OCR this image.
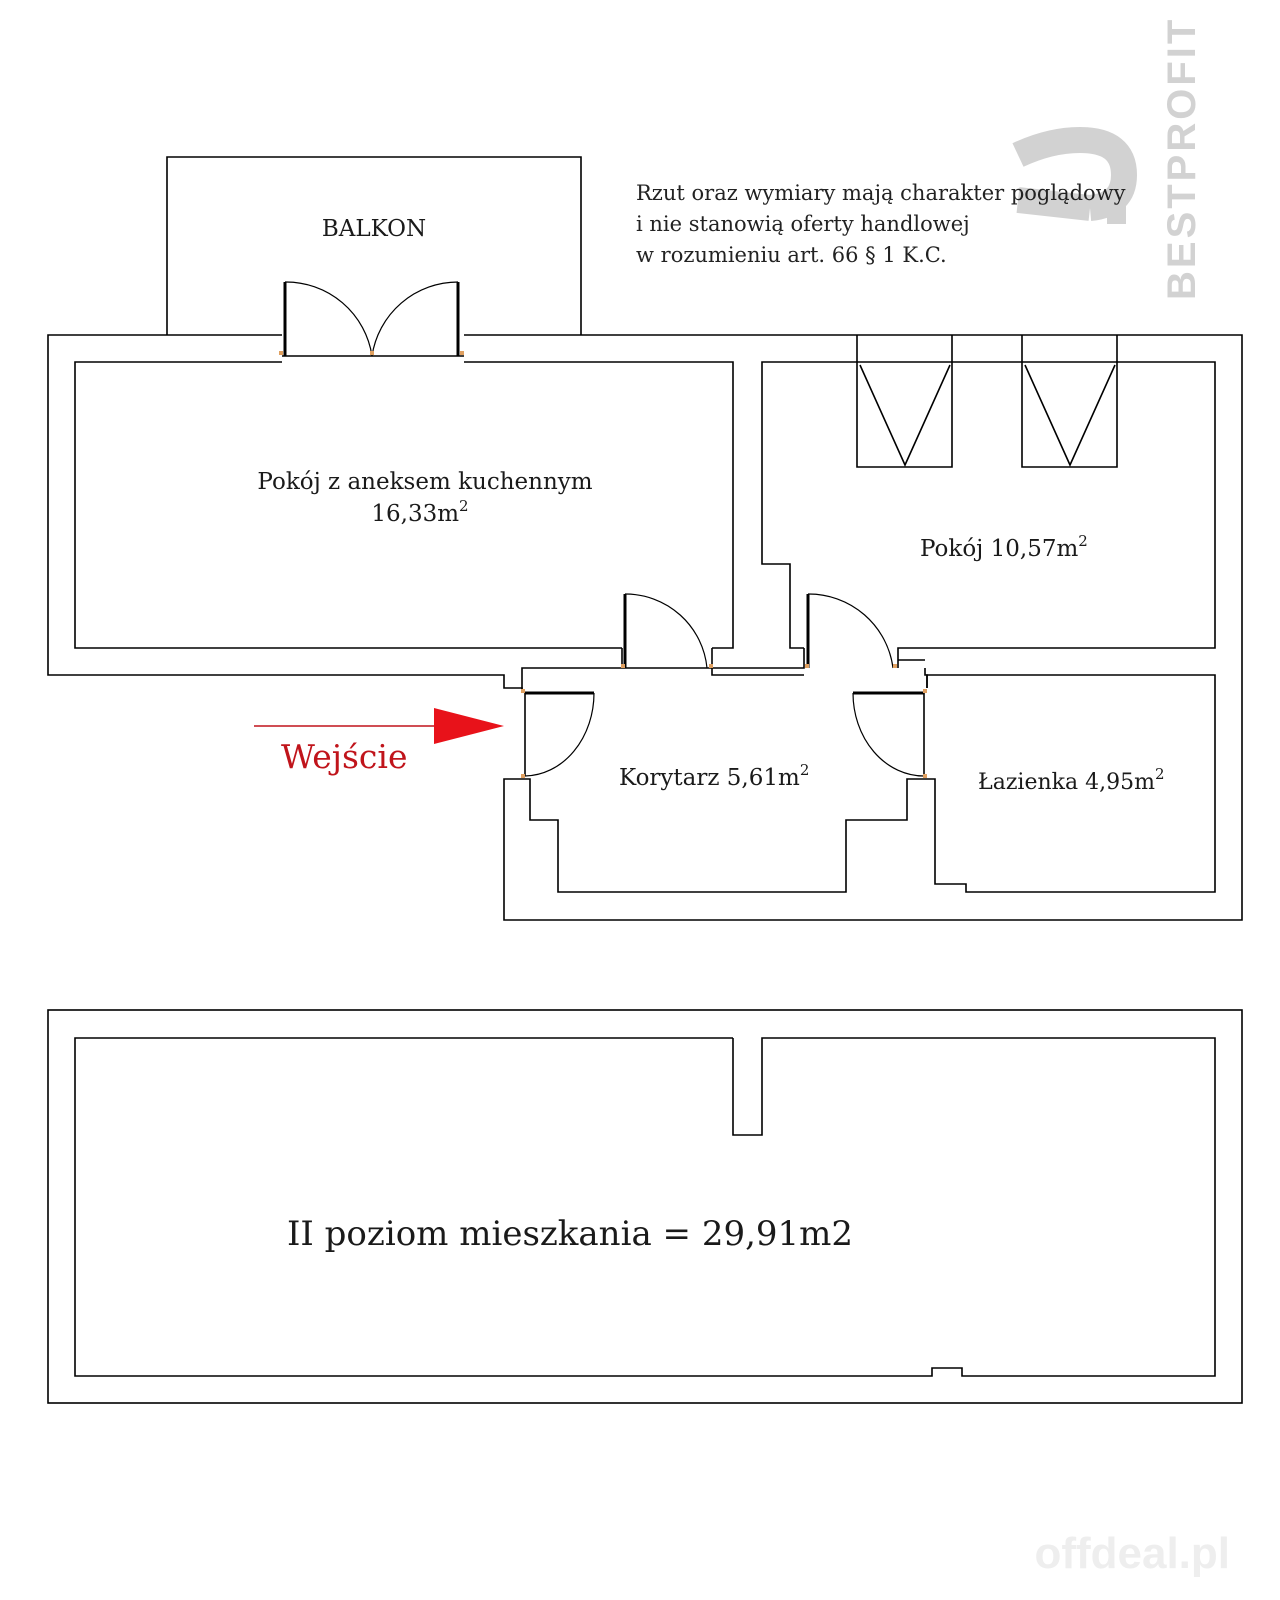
BESTPROFIT
Rzut oraz wymiary mają charakter poglądowy
i nie stanowią oferty handlowej
w rozumieniu art. 66 § 1 K.C.
BALKON
Pokój z aneksem kuchennym
$16,33m^2$
Pokój $10,57m^2$
Korytarz $5,61m^2$	Łazienka $4,95m^2$
Wejście
II poziom mieszkania = 29,91m2
offdeal.pl
